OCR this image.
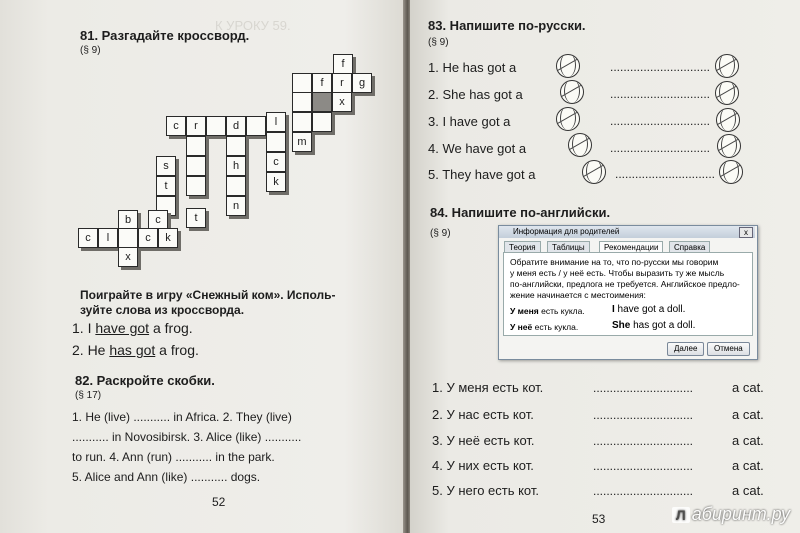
К УРОКУ 59.
81. Разгадайте кроссворд.
(§ 9)
f
f	r	g
x
c	r	d	l
m
c
k
s
t
h
n
b	c	t
c	l	c	k
x
Поиграйте в игру «Снежный ком». Исполь-
зуйте слова из кроссворда.
1. I have got a frog.
2. He has got a frog.
82. Раскройте скобки.
(§ 17)
1. He (live) ........... in Africa. 2. They (live)
........... in Novosibirsk. 3. Alice (like) ...........
to run. 4. Ann (run) ........... in the park.
5. Alice and Ann (like) ........... dogs.
52
83. Напишите по-русски.
(§ 9)
1. He has got a	..............................
2. She has got a	..............................
3. I have got a	..............................
4. We have got a	..............................
5. They have got a	..............................
84. Напишите по-английски.
(§ 9)
1. У меня есть кот.	..............................	a cat.
2. У нас есть кот.	..............................	a cat.
3. У неё есть кот.	..............................	a cat.
4. У них есть кот.	..............................	a cat.
5. У него есть кот.	..............................	a cat.
53
Информация для родителей	x
Теория	Таблицы	Рекомендации	Справка
Обратите внимание на то, что по-русски мы говорим
у меня есть / у неё есть. Чтобы выразить ту же мысль
по-английски, предлога не требуется. Английское предло-
жение начинается с местоимения:
У меня есть кукла.	I have got a doll.
У неё есть кукла.	She has got a doll.
Далее	Отмена
Л абиринт.ру
